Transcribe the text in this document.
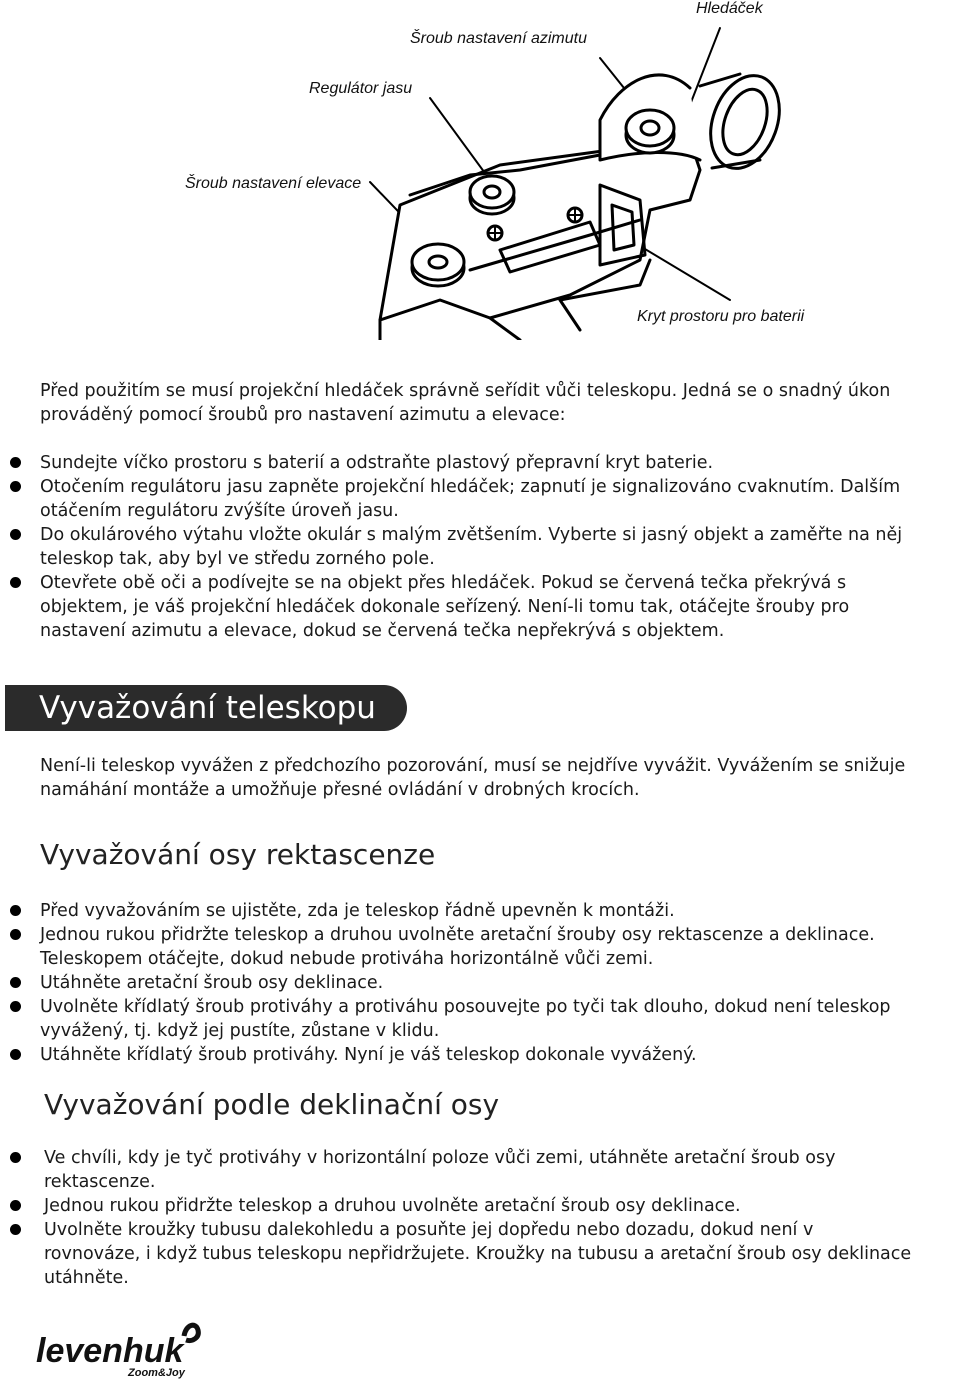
Hledáček
Šroub nastavení azimutu
Regulátor jasu
Šroub nastavení elevace
Kryt prostoru pro baterii

Před použitím se musí projekční hledáček správně seřídit vůči teleskopu. Jedná se o snadný úkon
prováděný pomocí šroubů pro nastavení azimutu a elevace:

Sundejte víčko prostoru s baterií a odstraňte plastový přepravní kryt baterie.
Otočením regulátoru jasu zapněte projekční hledáček; zapnutí je signalizováno cvaknutím. Dalším
otáčením regulátoru zvýšíte úroveň jasu.
Do okulárového výtahu vložte okulár s malým zvětšením. Vyberte si jasný objekt a zaměřte na něj
teleskop tak, aby byl ve středu zorného pole.
Otevřete obě oči a podívejte se na objekt přes hledáček. Pokud se červená tečka překrývá s
objektem, je váš projekční hledáček dokonale seřízený. Není-li tomu tak, otáčejte šrouby pro
nastavení azimutu a elevace, dokud se červená tečka nepřekrývá s objektem.
Vyvažování teleskopu

Není-li teleskop vyvážen z předchozího pozorování, musí se nejdříve vyvážit. Vyvážením se snižuje
namáhání montáže a umožňuje přesné ovládání v drobných krocích.

Vyvažování osy rektascenze
Před vyvažováním se ujistěte, zda je teleskop řádně upevněn k montáži.
Jednou rukou přidržte teleskop a druhou uvolněte aretační šrouby osy rektascenze a deklinace.
Teleskopem otáčejte, dokud nebude protiváha horizontálně vůči zemi.
Utáhněte aretační šroub osy deklinace.
Uvolněte křídlatý šroub protiváhy a protiváhu posouvejte po tyči tak dlouho, dokud není teleskop
vyvážený, tj. když jej pustíte, zůstane v klidu.
Utáhněte křídlatý šroub protiváhy. Nyní je váš teleskop dokonale vyvážený.
Vyvažování podle deklinační osy
Ve chvíli, kdy je tyč protiváhy v horizontální poloze vůči zemi, utáhněte aretační šroub osy
rektascenze.
Jednou rukou přidržte teleskop a druhou uvolněte aretační šroub osy deklinace.
Uvolněte kroužky tubusu dalekohledu a posuňte jej dopředu nebo dozadu, dokud není v
rovnováze, i když tubus teleskopu nepřidržujete. Kroužky na tubusu a aretační šroub osy deklinace
utáhněte.
levenhuk
Zoom&Joy
